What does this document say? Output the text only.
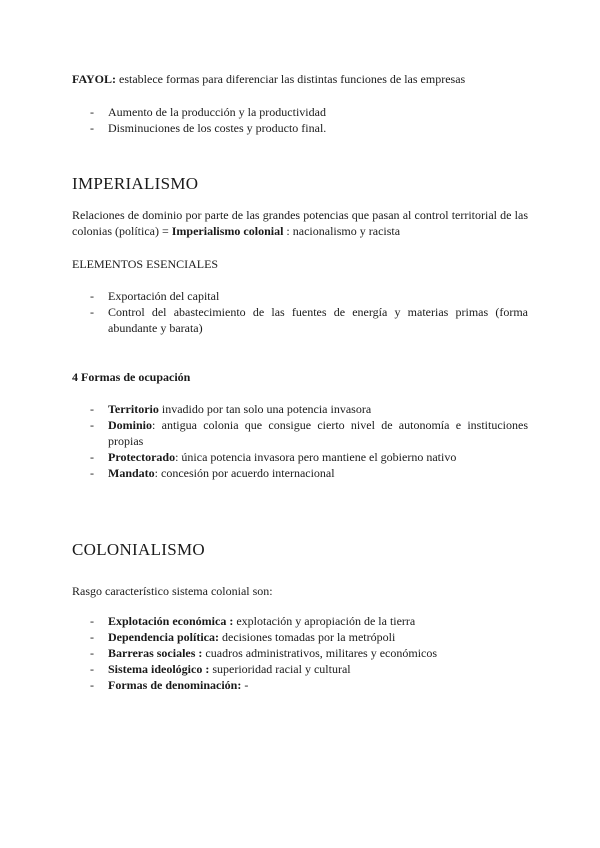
FAYOL: establece formas para diferenciar las distintas funciones de las empresas
- Aumento de la producción y la productividad
- Disminuciones de los costes y producto final.
IMPERIALISMO
Relaciones de dominio por parte de las grandes potencias que pasan al control territorial de las colonias (política) = Imperialismo colonial : nacionalismo y racista
ELEMENTOS ESENCIALES
- Exportación del capital
- Control del abastecimiento de las fuentes de energía y materias primas (forma abundante y barata)
4 Formas de ocupación
- Territorio invadido por tan solo una potencia invasora
- Dominio: antigua colonia que consigue cierto nivel de autonomía e instituciones propias
- Protectorado: única potencia invasora pero mantiene el gobierno nativo
- Mandato: concesión por acuerdo internacional
COLONIALISMO
Rasgo característico sistema colonial son:
- Explotación económica : explotación y apropiación de la tierra
- Dependencia política: decisiones tomadas por la metrópoli
- Barreras sociales : cuadros administrativos, militares y económicos
- Sistema ideológico : superioridad racial y cultural
- Formas de denominación: -
